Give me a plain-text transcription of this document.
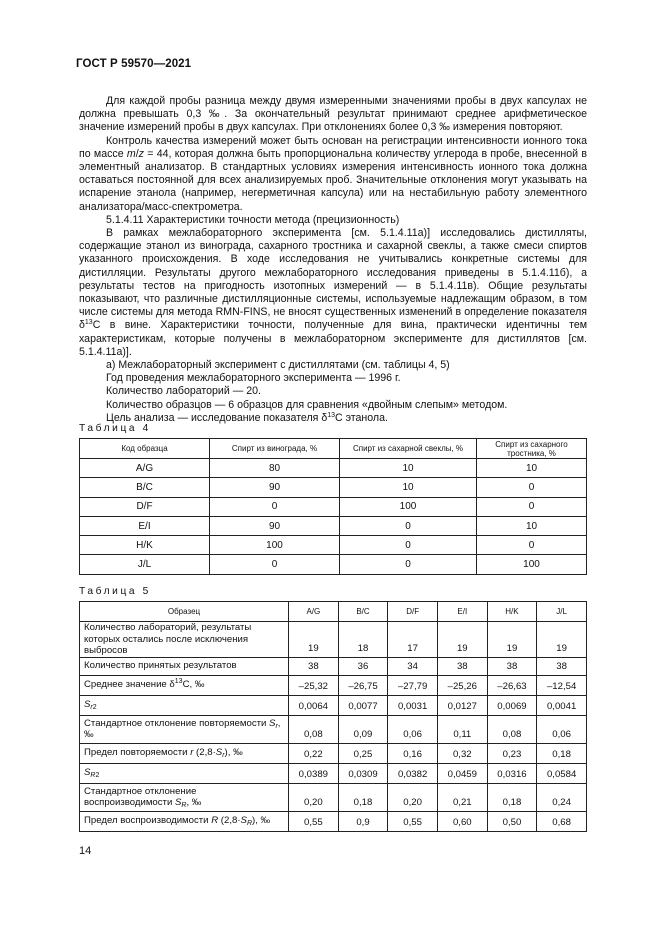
ГОСТ Р 59570—2021

Для каждой пробы разница между двумя измеренными значениями пробы в двух капсулах не должна превышать 0,3 ‰. За окончательный результат принимают среднее арифметическое значение измерений пробы в двух капсулах. При отклонениях более 0,3 ‰ измерения повторяют.

Контроль качества измерений может быть основан на регистрации интенсивности ионного тока по массе m/z = 44, которая должна быть пропорциональна количеству углерода в пробе, внесенной в элементный анализатор. В стандартных условиях измерения интенсивность ионного тока должна оставаться постоянной для всех анализируемых проб. Значительные отклонения могут указывать на испарение этанола (например, негерметичная капсула) или на нестабильную работу элементного анализатора/масс-спектрометра.

5.1.4.11 Характеристики точности метода (прецизионность)

В рамках межлабораторного эксперимента [см. 5.1.4.11а)] исследовались дистилляты, содержащие этанол из винограда, сахарного тростника и сахарной свеклы, а также смеси спиртов указанного происхождения. В ходе исследования не учитывались конкретные системы для дистилляции. Результаты другого межлабораторного исследования приведены в 5.1.4.11б), а результаты тестов на пригодность изотопных измерений — в 5.1.4.11в). Общие результаты показывают, что различные дистилляционные системы, используемые надлежащим образом, в том числе системы для метода RMN-FINS, не вносят существенных изменений в определение показателя $\delta^{13}C$ в вине. Характеристики точности, полученные для вина, практически идентичны тем характеристикам, которые получены в межлабораторном эксперименте для дистиллятов [см. 5.1.4.11а)].

а) Межлабораторный эксперимент с дистиллятами (см. таблицы 4, 5)

Год проведения межлабораторного эксперимента — 1996 г.

Количество лабораторий — 20.

Количество образцов — 6 образцов для сравнения «двойным слепым» методом.

Цель анализа — исследование показателя $\delta^{13}C$ этанола.

Таблица 4
Код образца	Спирт из винограда, %	Спирт из сахарной свеклы, %	Спирт из сахарного тростника, %
A/G	80	10	10
B/C	90	10	0
D/F	0	100	0
E/I	90	0	10
H/K	100	0	0
J/L	0	0	100
Таблица 5
Образец	A/G	B/C	D/F	E/I	H/K	J/L
Количество лабораторий, результаты которых остались после исключения выбросов	19	18	17	19	19	19
Количество принятых результатов	38	36	34	38	38	38
Среднее значение $\delta^{13}C$, ‰	–25,32	–26,75	–27,79	–25,26	–26,63	–12,54
$S_{r2}$	0,0064	0,0077	0,0031	0,0127	0,0069	0,0041
Стандартное отклонение повторяемости $S_r$, ‰	0,08	0,09	0,06	0,11	0,08	0,06
Предел повторяемости r $(2,8\cdot S_r)$, ‰	0,22	0,25	0,16	0,32	0,23	0,18
$S_{R2}$	0,0389	0,0309	0,0382	0,0459	0,0316	0,0584
Стандартное отклонение воспроизводимости $S_R$, ‰	0,20	0,18	0,20	0,21	0,18	0,24
Предел воспроизводимости R $(2,8\cdot S_R)$, ‰	0,55	0,9	0,55	0,60	0,50	0,68
14
